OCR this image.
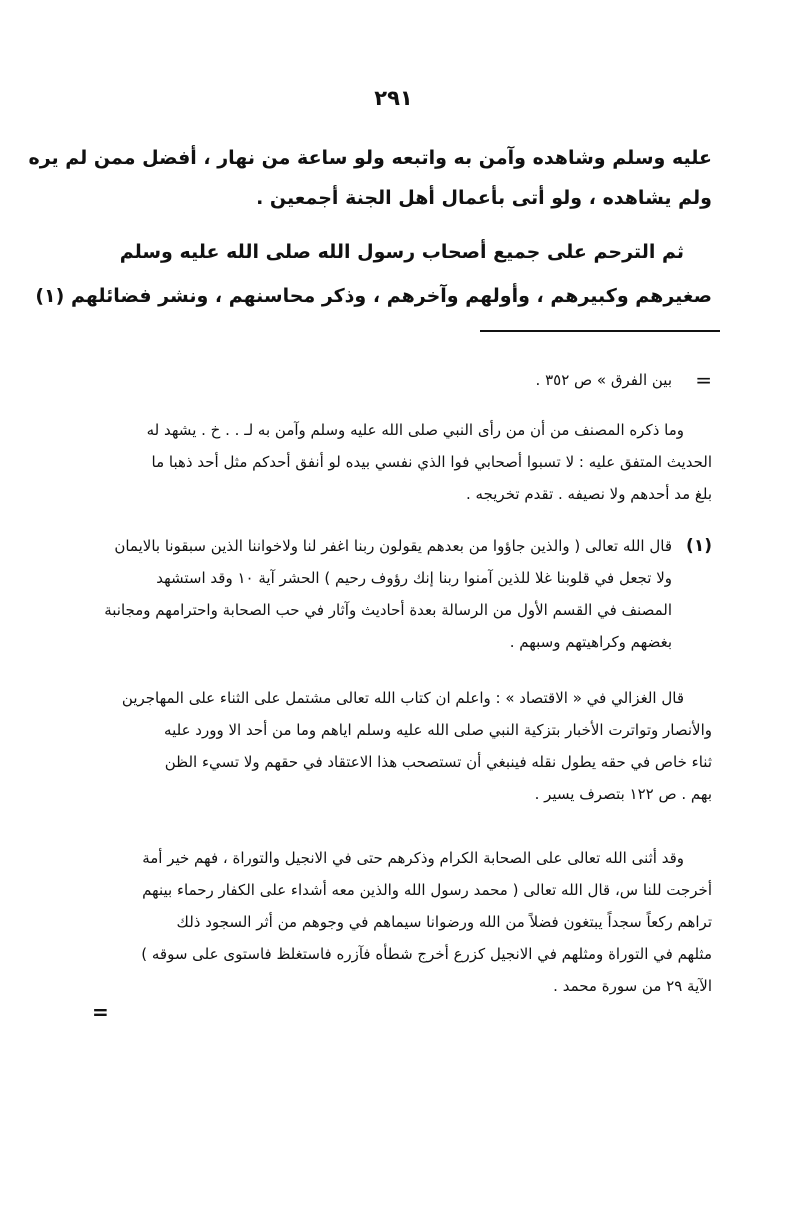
٢٩١
عليه وسلم وشاهده وآمن به واتبعه ولو ساعة من نهار ، أفضل ممن لم يره
ولم يشاهده ، ولو أتى بأعمال أهل الجنة أجمعين .
ثم الترحم على جميع أصحاب رسول الله صلى الله عليه وسلم
صغيرهم وكبيرهم ، وأولهم وآخرهم ، وذكر محاسنهم ، ونشر فضائلهم (١)
=
بين الفرق » ص ٣٥٢ .
وما ذكره المصنف من أن من رأى النبي صلى الله عليه وسلم وآمن به لـ . . خ . يشهد له
الحديث المتفق عليه : لا تسبوا أصحابي فوا الذي نفسي بيده لو أنفق أحدكم مثل أحد ذهبا ما
بلغ مد أحدهم ولا نصيفه . تقدم تخريجه .
(١)
قال الله تعالى ( والذين جاؤوا من بعدهم يقولون ربنا اغفر لنا ولاخواننا الذين سبقونا بالايمان
ولا تجعل في قلوبنا غلا للذين آمنوا ربنا إنك رؤوف رحيم ) الحشر آية ١٠ وقد استشهد
المصنف في القسم الأول من الرسالة بعدة أحاديث وآثار في حب الصحابة واحترامهم ومجانبة
بغضهم وكراهيتهم وسبهم .
قال الغزالي في « الاقتصاد » : واعلم ان كتاب الله تعالى مشتمل على الثناء على المهاجرين
والأنصار وتواترت الأخبار بتزكية النبي صلى الله عليه وسلم اياهم وما من أحد الا وورد عليه
ثناء خاص في حقه يطول نقله فينبغي أن تستصحب هذا الاعتقاد في حقهم ولا تسيء الظن
بهم . ص ١٢٢ بتصرف يسير .
وقد أثنى الله تعالى على الصحابة الكرام وذكرهم حتى في الانجيل والتوراة ، فهم خير أمة
أخرجت للنا س، قال الله تعالى ( محمد رسول الله والذين معه أشداء على الكفار رحماء بينهم
تراهم ركعاً سجداً يبتغون فضلاً من الله ورضوانا سيماهم في وجوهم من أثر السجود ذلك
مثلهم في التوراة ومثلهم في الانجيل كزرع أخرج شطأه فآزره فاستغلظ فاستوى على سوقه )
الآية ٢٩ من سورة محمد .
=
